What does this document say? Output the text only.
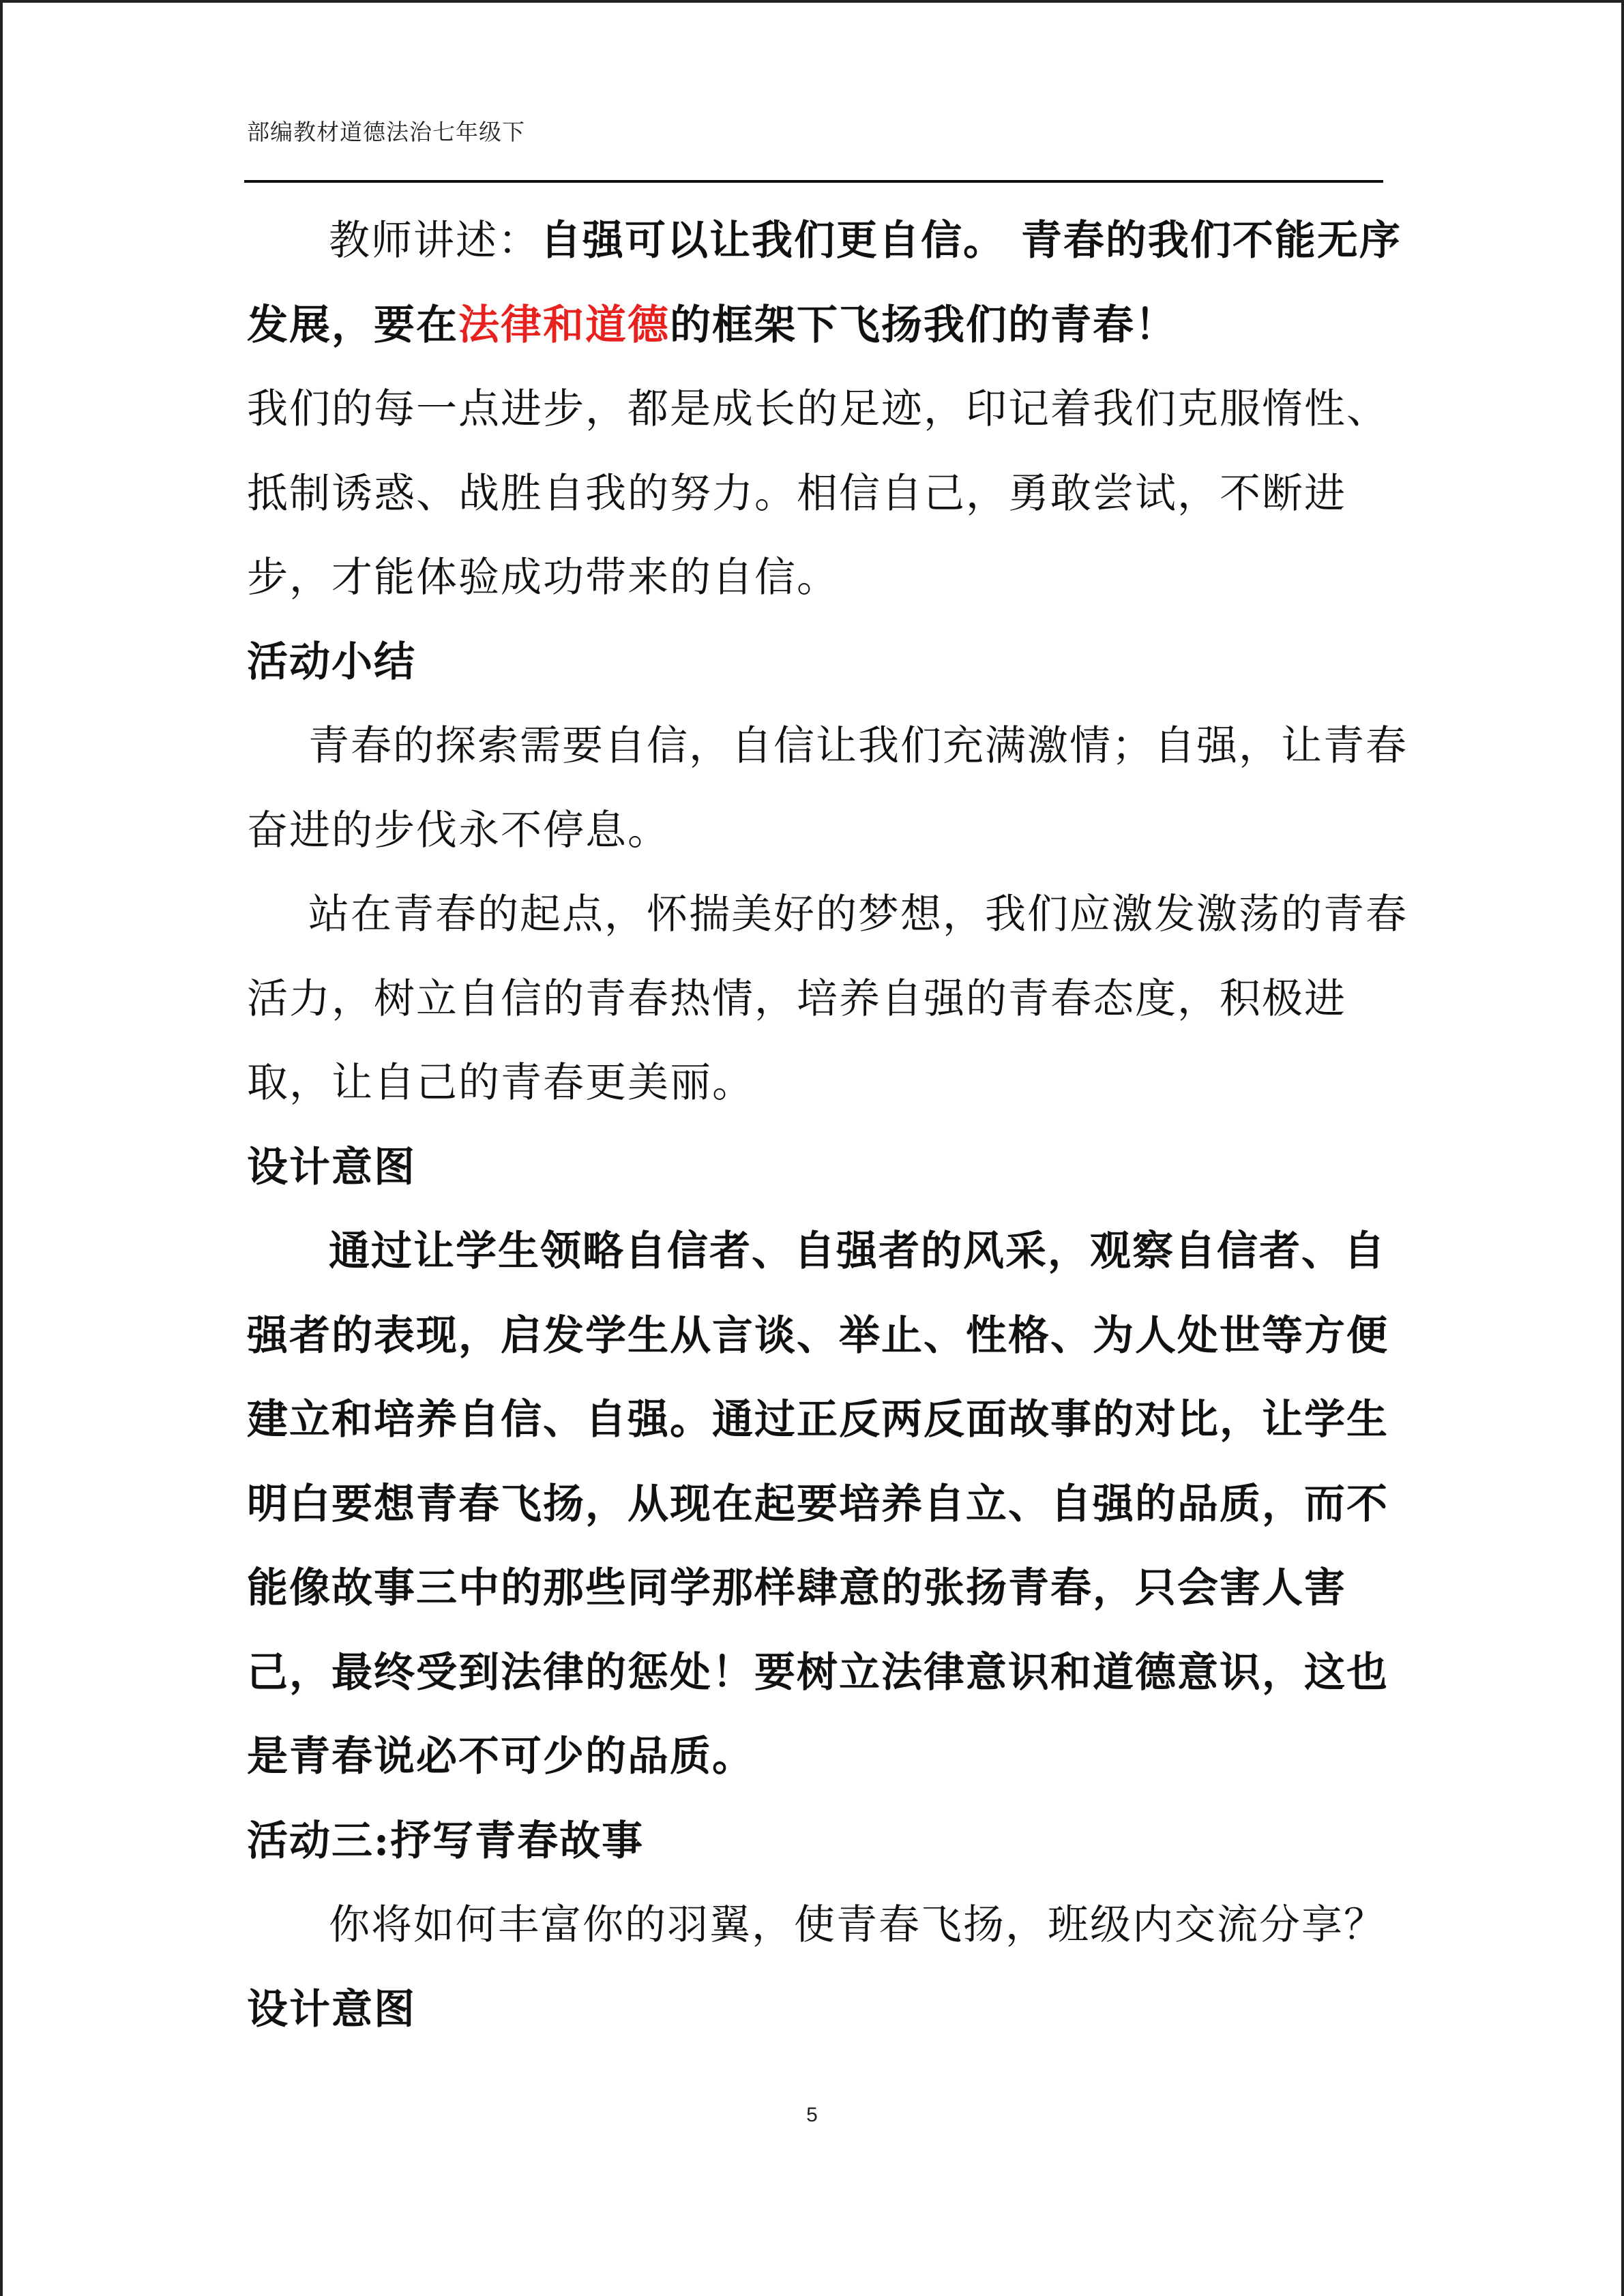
部编教材道德法治七年级下
教师讲述：自强可以让我们更自信。 青春的我们不能无序
发展，要在法律和道德的框架下飞扬我们的青春！
我们的每一点进步，都是成长的足迹，印记着我们克服惰性、
抵制诱惑、战胜自我的努力。相信自己，勇敢尝试，不断进
步，才能体验成功带来的自信。
活动小结
青春的探索需要自信，自信让我们充满激情；自强，让青春
奋进的步伐永不停息。
站在青春的起点，怀揣美好的梦想，我们应激发激荡的青春
活力，树立自信的青春热情，培养自强的青春态度，积极进
取，让自己的青春更美丽。
设计意图
通过让学生领略自信者、自强者的风采，观察自信者、自
强者的表现，启发学生从言谈、举止、性格、为人处世等方便
建立和培养自信、自强。通过正反两反面故事的对比，让学生
明白要想青春飞扬，从现在起要培养自立、自强的品质，而不
能像故事三中的那些同学那样肆意的张扬青春，只会害人害
己，最终受到法律的惩处！要树立法律意识和道德意识，这也
是青春说必不可少的品质。
活动三:抒写青春故事
你将如何丰富你的羽翼，使青春飞扬，班级内交流分享？
设计意图
5
